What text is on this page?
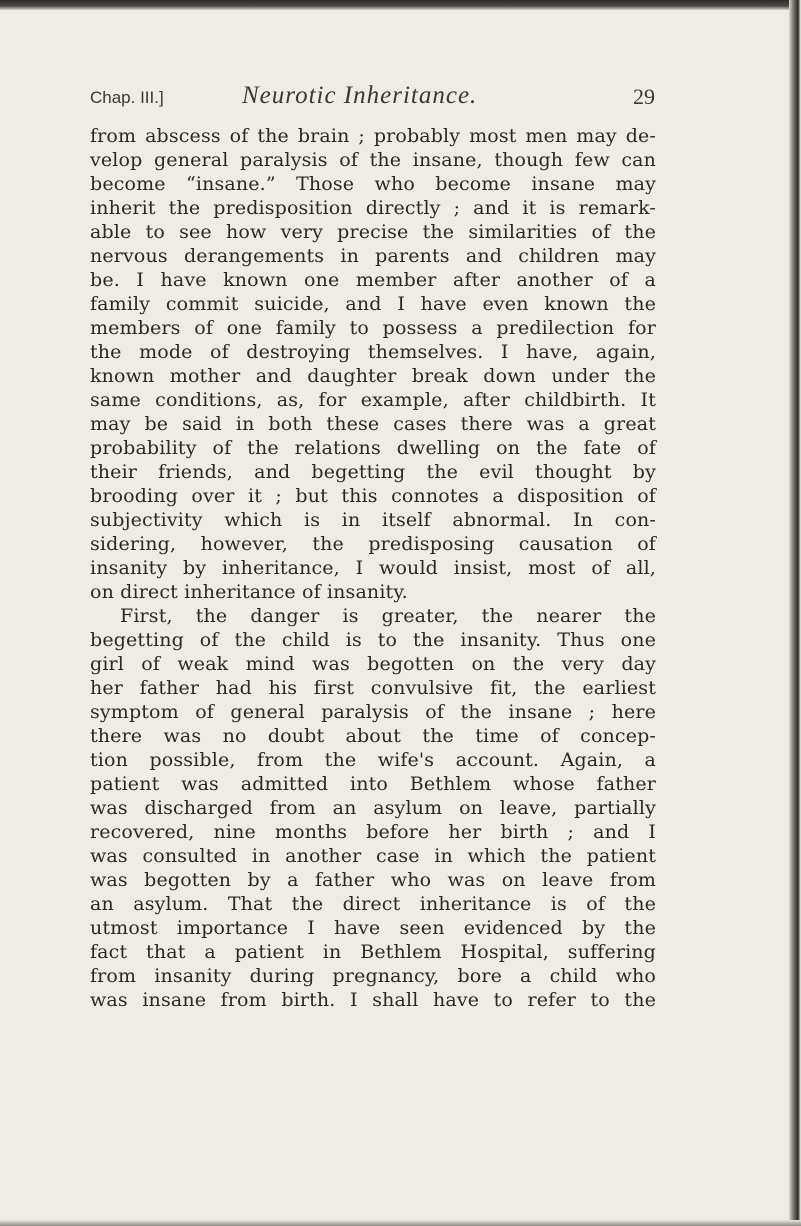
Chap. III.]	Neurotic Inheritance.	29
from abscess of the brain ; probably most men may de-
velop general paralysis of the insane, though few can
become “insane.” Those who become insane may
inherit the predisposition directly ; and it is remark-
able to see how very precise the similarities of the
nervous derangements in parents and children may
be. I have known one member after another of a
family commit suicide, and I have even known the
members of one family to possess a predilection for
the mode of destroying themselves. I have, again,
known mother and daughter break down under the
same conditions, as, for example, after childbirth. It
may be said in both these cases there was a great
probability of the relations dwelling on the fate of
their friends, and begetting the evil thought by
brooding over it ; but this connotes a disposition of
subjectivity which is in itself abnormal. In con-
sidering, however, the predisposing causation of
insanity by inheritance, I would insist, most of all,
on direct inheritance of insanity.
First, the danger is greater, the nearer the
begetting of the child is to the insanity. Thus one
girl of weak mind was begotten on the very day
her father had his first convulsive fit, the earliest
symptom of general paralysis of the insane ; here
there was no doubt about the time of concep-
tion possible, from the wife's account. Again, a
patient was admitted into Bethlem whose father
was discharged from an asylum on leave, partially
recovered, nine months before her birth ; and I
was consulted in another case in which the patient
was begotten by a father who was on leave from
an asylum. That the direct inheritance is of the
utmost importance I have seen evidenced by the
fact that a patient in Bethlem Hospital, suffering
from insanity during pregnancy, bore a child who
was insane from birth. I shall have to refer to the
